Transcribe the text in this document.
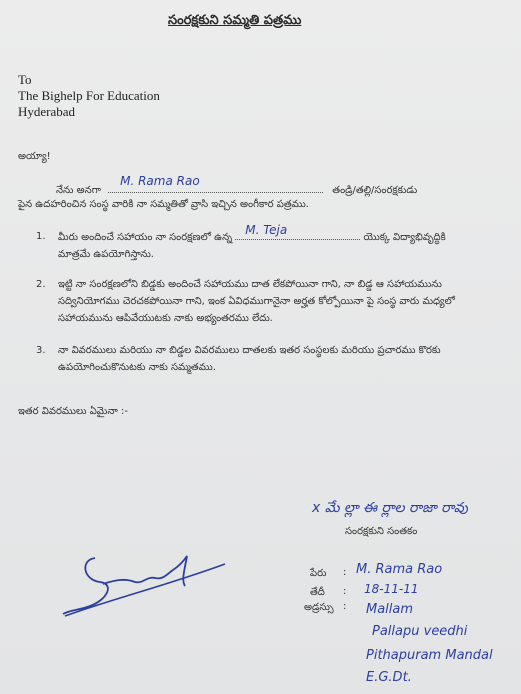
సంరక్షకుని సమ్మతి పత్రము
To
The Bighelp For Education
Hyderabad
అయ్యా!
నేను అనగా
M. Rama Rao
తండ్రి/తల్లి/సంరక్షకుడు
పైన ఉదహరించిన సంస్థ వారికి నా సమ్మతితో వ్రాసి ఇచ్చిన అంగీకార పత్రము.
1. మీరు అందించే సహాయం నా సంరక్షణలో ఉన్న
M. Teja
యొక్క విద్యాభివృద్ధికి మాత్రమే ఉపయోగిస్తాను.
2. ఇట్టి నా సంరక్షణలోని బిడ్డకు అందించే సహాయము దాత లేకపోయినా గాని, నా బిడ్డ ఆ సహాయమును సద్వినియోగము చెరచకపోయినా గాని, ఇంక ఏవిధముగానైనా అర్హత కోల్పోయినా పై సంస్థ వారు మధ్యలో సహాయమును ఆపివేయుటకు నాకు అభ్యంతరము లేదు.
3. నా వివరములు మరియు నా బిడ్డల వివరములు దాతలకు ఇతర సంస్థలకు మరియు ప్రచారము కొరకు ఉపయోగించుకొనుటకు నాకు సమ్మతము.
ఇతర వివరములు ఏమైనా :-
x మే ల్లా ఈ ర్లాల రాజా రావు
సంరక్షకుని సంతకం
పేరు : M. Rama Rao
తేదీ : 18-11-11
అడ్రస్సు : Mallam
Pallapu veedhi
Pithapuram Mandal
E.G.Dt.
